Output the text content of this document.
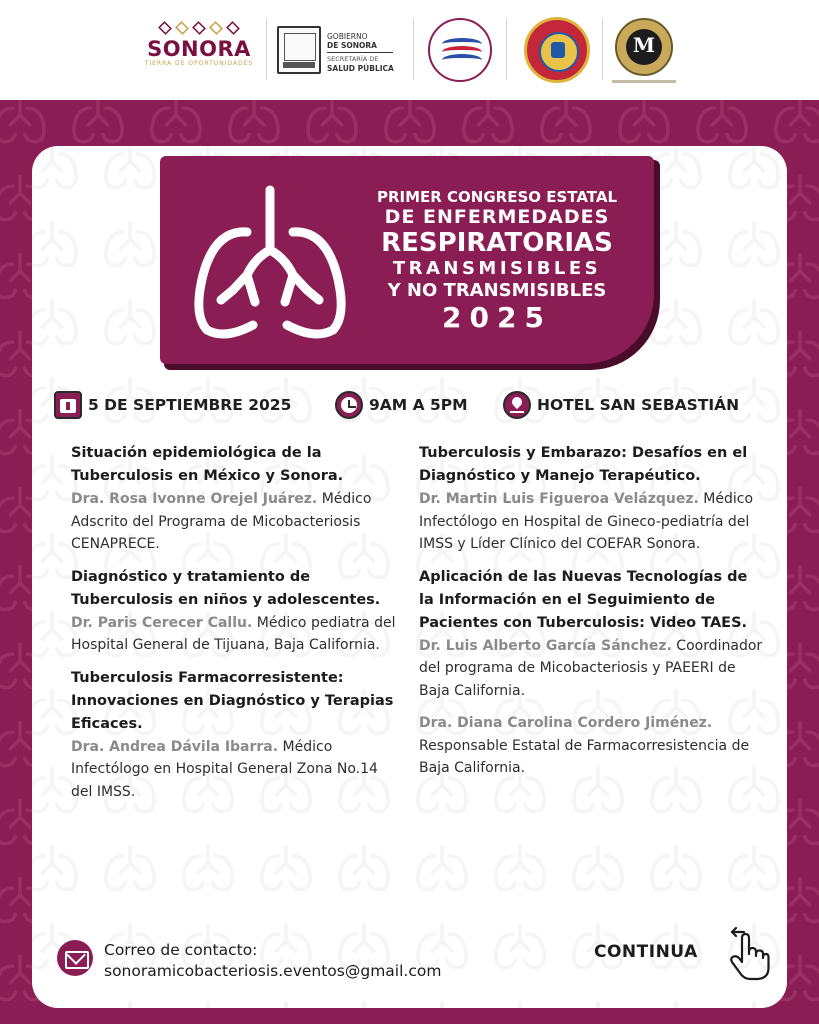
SONORA
TIERRA DE OPORTUNIDADES
GOBIERNO
DE SONORA
SECRETARÍA DE
SALUD PÚBLICA
M
PRIMER CONGRESO ESTATAL
DE ENFERMEDADES
RESPIRATORIAS
TRANSMISIBLES
Y NO TRANSMISIBLES
2025
5 DE SEPTIEMBRE 2025	9AM A 5PM	HOTEL SAN SEBASTIÁN
Situación epidemiológica de la Tuberculosis en México y Sonora.
Dra. Rosa Ivonne Orejel Juárez. Médico Adscrito del Programa de Micobacteriosis CENAPRECE.
Diagnóstico y tratamiento de Tuberculosis en niños y adolescentes.
Dr. Paris Cerecer Callu. Médico pediatra del Hospital General de Tijuana, Baja California.
Tuberculosis Farmacorresistente: Innovaciones en Diagnóstico y Terapias Eficaces.
Dra. Andrea Dávila Ibarra. Médico Infectólogo en Hospital General Zona No.14 del IMSS.
Tuberculosis y Embarazo: Desafíos en el Diagnóstico y Manejo Terapéutico.
Dr. Martin Luis Figueroa Velázquez. Médico Infectólogo en Hospital de Gineco-pediatría del IMSS y Líder Clínico del COEFAR Sonora.
Aplicación de las Nuevas Tecnologías de la Información en el Seguimiento de Pacientes con Tuberculosis: Video TAES.
Dr. Luis Alberto García Sánchez. Coordinador del programa de Micobacteriosis y PAEERI de Baja California.
Dra. Diana Carolina Cordero Jiménez. Responsable Estatal de Farmacorresistencia de Baja California.
Correo de contacto:
sonoramicobacteriosis.eventos@gmail.com
CONTINUA
